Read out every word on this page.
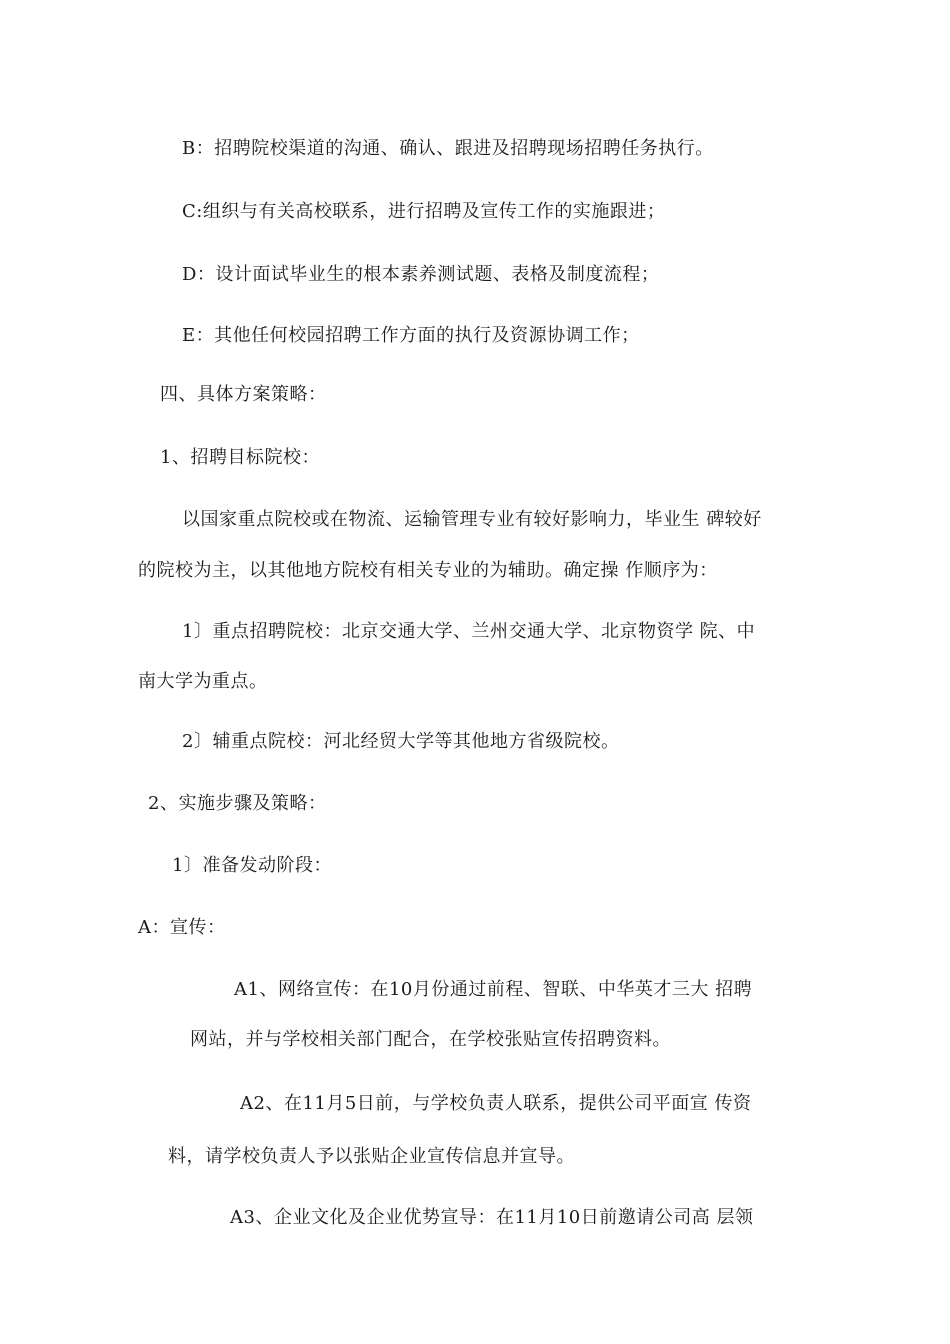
B：招聘院校渠道的沟通、确认、跟进及招聘现场招聘任务执行。
C:组织与有关高校联系，进行招聘及宣传工作的实施跟进；
D：设计面试毕业生的根本素养测试题、表格及制度流程；
E：其他任何校园招聘工作方面的执行及资源协调工作；
四、具体方案策略：
1、招聘目标院校：
以国家重点院校或在物流、运输管理专业有较好影响力，毕业生 碑较好
的院校为主，以其他地方院校有相关专业的为辅助。确定操 作顺序为：
1〕重点招聘院校：北京交通大学、兰州交通大学、北京物资学 院、中
南大学为重点。
2〕辅重点院校：河北经贸大学等其他地方省级院校。
2、实施步骤及策略：
1〕准备发动阶段：
A：宣传：
A1、网络宣传：在10月份通过前程、智联、中华英才三大 招聘
网站，并与学校相关部门配合，在学校张贴宣传招聘资料。
A2、在11月5日前，与学校负责人联系，提供公司平面宣 传资
料，请学校负责人予以张贴企业宣传信息并宣导。
A3、企业文化及企业优势宣导：在11月10日前邀请公司高 层领
